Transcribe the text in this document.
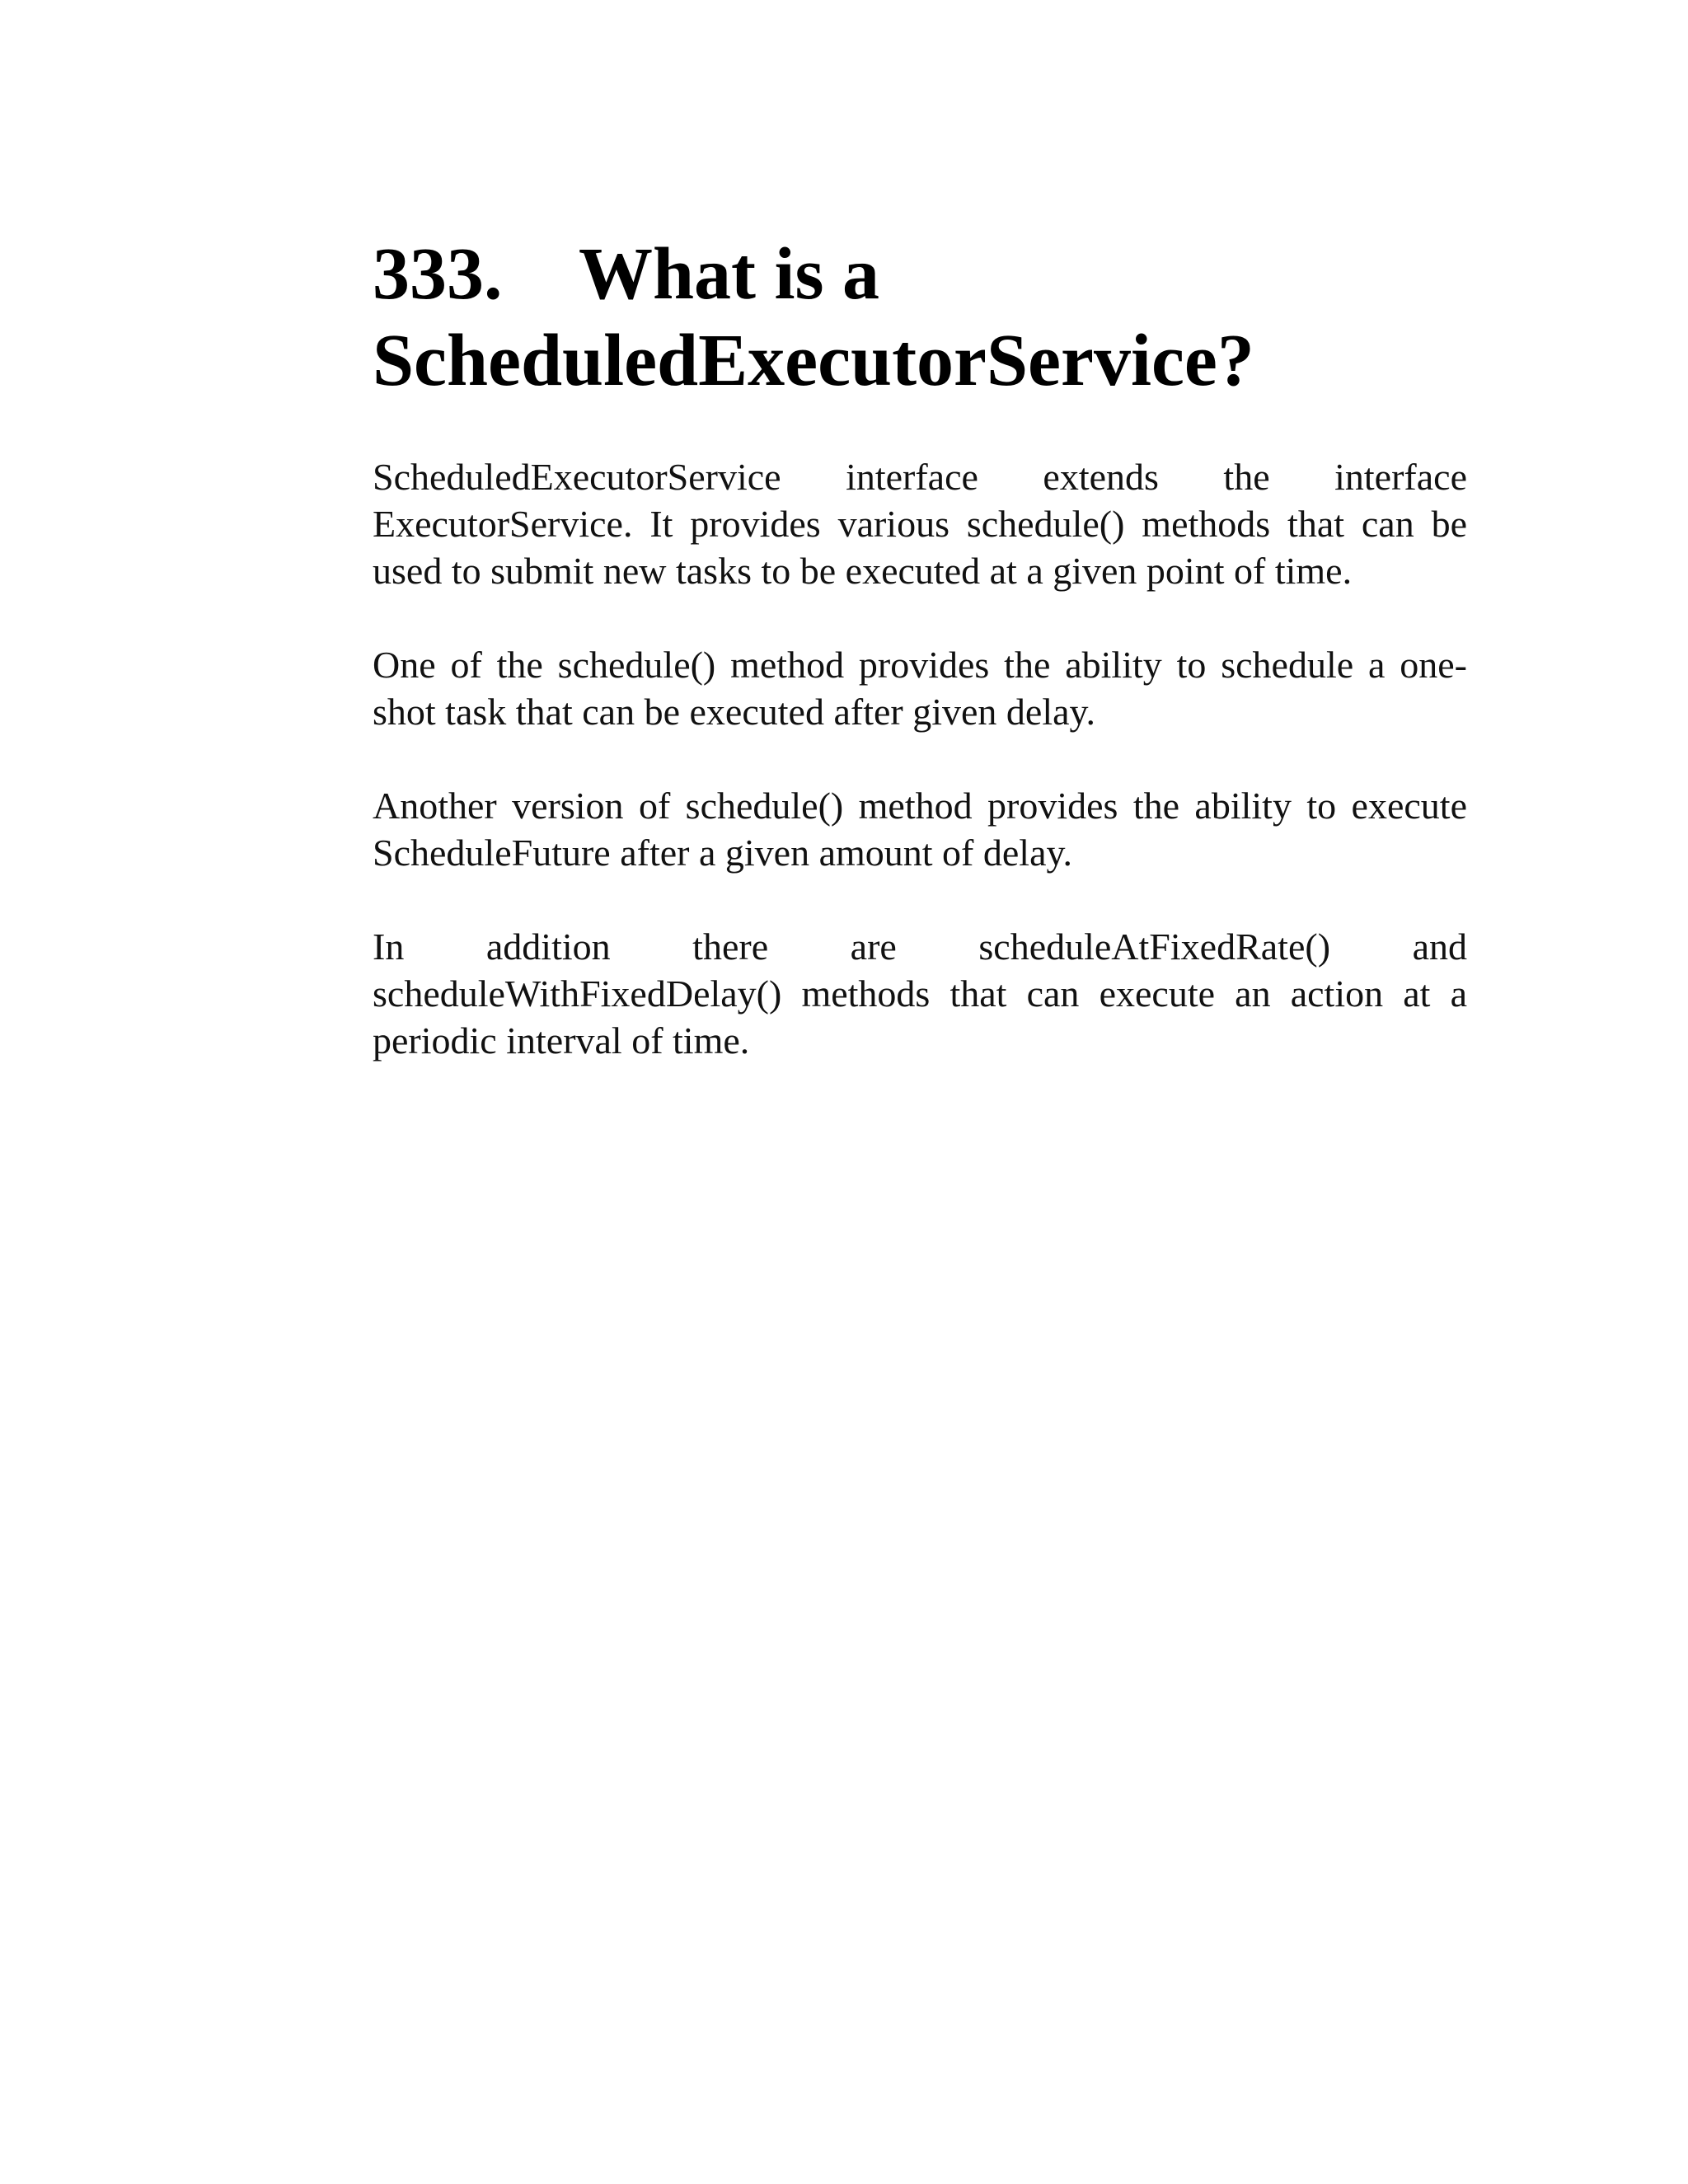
333. What is a
ScheduledExecutorService?

ScheduledExecutorService interface extends the interface ExecutorService. It provides various schedule() methods that can be used to submit new tasks to be executed at a given point of time.

One of the schedule() method provides the ability to schedule a one-shot task that can be executed after given delay.

Another version of schedule() method provides the ability to execute ScheduleFuture after a given amount of delay.

In addition there are scheduleAtFixedRate() and scheduleWithFixedDelay() methods that can execute an action at a periodic interval of time.
